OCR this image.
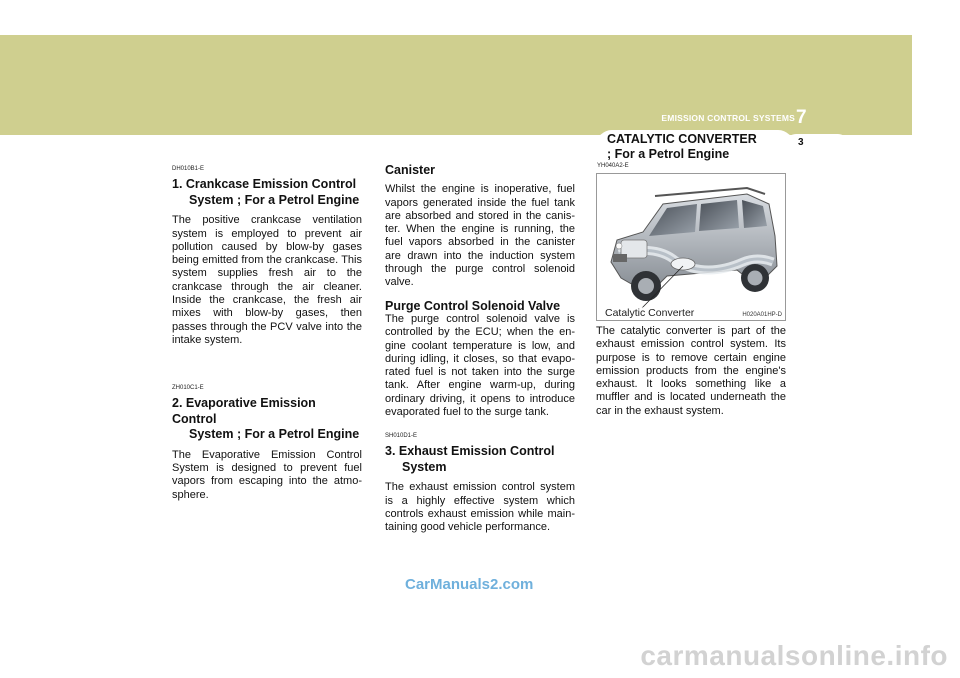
EMISSION CONTROL SYSTEMS 7
3
CATALYTIC CONVERTER
; For a Petrol Engine
DH010B1-E
1. Crankcase Emission Control
System ; For a Petrol Engine

The positive crankcase ventilation system is employed to prevent air pollution caused by blow-by gases being emitted from the crankcase. This system supplies fresh air to the crankcase through the air cleaner. Inside the crankcase, the fresh air mixes with blow-by gases, then passes through the PCV valve into the intake system.

ZH010C1-E
2. Evaporative Emission Control
System ; For a Petrol Engine

The Evaporative Emission Control System is designed to prevent fuel vapors from escaping into the atmo-sphere.

Canister

Whilst the engine is inoperative, fuel vapors generated inside the fuel tank are absorbed and stored in the canis-ter. When the engine is running, the fuel vapors absorbed in the canister are drawn into the induction system through the purge control solenoid valve.

Purge Control Solenoid Valve

The purge control solenoid valve is controlled by the ECU; when the en-gine coolant temperature is low, and during idling, it closes, so that evapo-rated fuel is not taken into the surge tank. After engine warm-up, during ordinary driving, it opens to introduce evaporated fuel to the surge tank.

SH010D1-E
3. Exhaust Emission Control
System

The exhaust emission control system is a highly effective system which controls exhaust emission while main-taining good vehicle performance.

YH040A2-E
Catalytic Converter	H020A01HP-D

The catalytic converter is part of the exhaust emission control system. Its purpose is to remove certain engine emission products from the engine's exhaust. It looks something like a muffler and is located underneath the car in the exhaust system.

CarManuals2.com
carmanualsonline.info
